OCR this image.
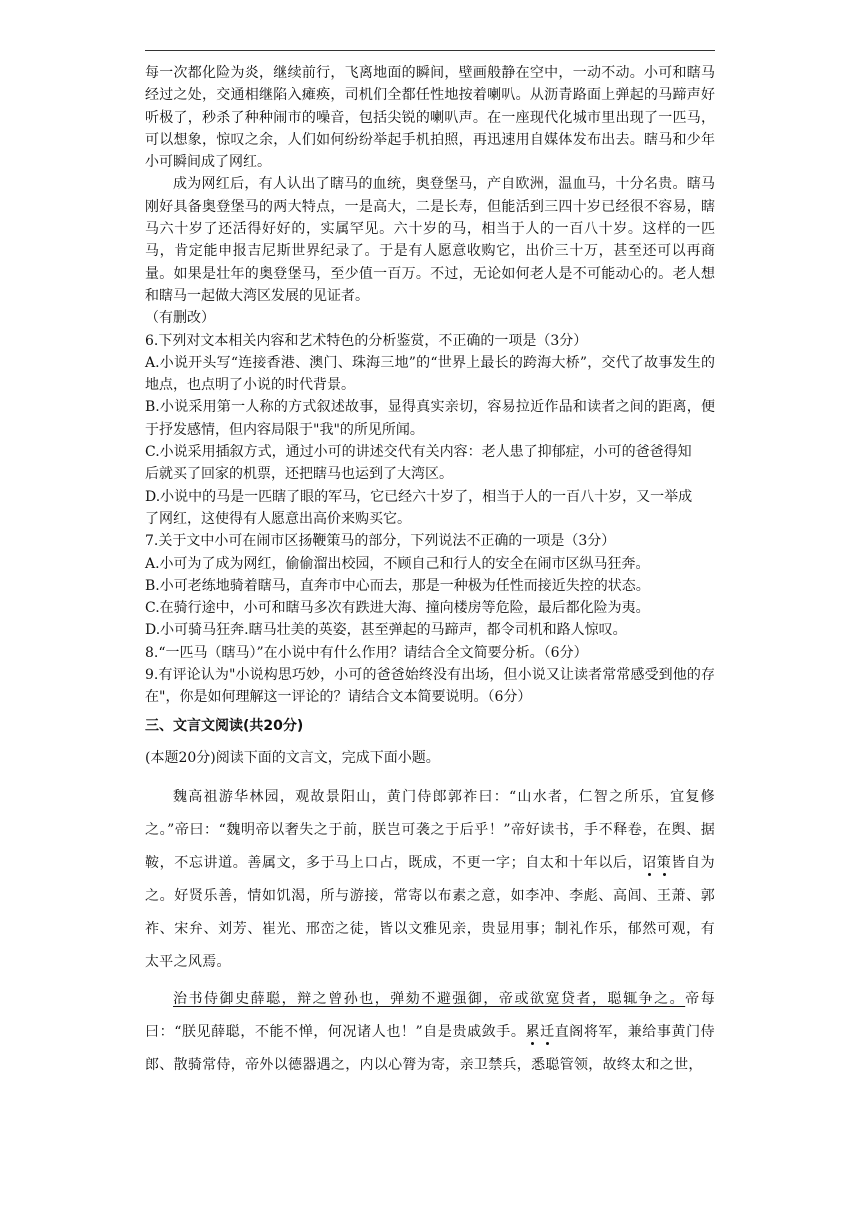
每一次都化险为炎，继续前行，飞离地面的瞬间，壁画般静在空中，一动不动。小可和瞎马经过之处，交通相继陷入瘫痪，司机们全都任性地按着喇叭。从沥青路面上弹起的马蹄声好听极了，秒杀了种种闹市的噪音，包括尖锐的喇叭声。在一座现代化城市里出现了一匹马，可以想象，惊叹之余，人们如何纷纷举起手机拍照，再迅速用自媒体发布出去。瞎马和少年小可瞬间成了网红。

成为网红后，有人认出了瞎马的血统，奥登堡马，产自欧洲，温血马，十分名贵。瞎马刚好具备奥登堡马的两大特点，一是高大，二是长寿，但能活到三四十岁已经很不容易，瞎马六十岁了还活得好好的，实属罕见。六十岁的马，相当于人的一百八十岁。这样的一匹马，肯定能申报吉尼斯世界纪录了。于是有人愿意收购它，出价三十万，甚至还可以再商量。如果是壮年的奥登堡马，至少值一百万。不过，无论如何老人是不可能动心的。老人想和瞎马一起做大湾区发展的见证者。

（有删改）

6.下列对文本相关内容和艺术特色的分析鉴赏，不正确的一项是（3分）

A.小说开头写“连接香港、澳门、珠海三地”的“世界上最长的跨海大桥”，交代了故事发生的地点，也点明了小说的时代背景。

B.小说采用第一人称的方式叙述故事，显得真实亲切，容易拉近作品和读者之间的距离，便于抒发感情，但内容局限于"我"的所见所闻。

C.小说采用插叙方式，通过小可的讲述交代有关内容：老人患了抑郁症，小可的爸爸得知

后就买了回家的机票，还把瞎马也运到了大湾区。

D.小说中的马是一匹瞎了眼的军马，它已经六十岁了，相当于人的一百八十岁，又一举成

了网红，这使得有人愿意出高价来购买它。

7.关于文中小可在闹市区扬鞭策马的部分，下列说法不正确的一项是（3分）

A.小可为了成为网红，偷偷溜出校园，不顾自己和行人的安全在闹市区纵马狂奔。

B.小可老练地骑着瞎马，直奔市中心而去，那是一种极为任性而接近失控的状态。

C.在骑行途中，小可和瞎马多次有跌进大海、撞向楼房等危险，最后都化险为夷。

D.小可骑马狂奔.瞎马壮美的英姿，甚至弹起的马蹄声，都令司机和路人惊叹。

8.“一匹马（瞎马）”在小说中有什么作用？请结合全文简要分析。（6分）

9.有评论认为"小说构思巧妙，小可的爸爸始终没有出场，但小说又让读者常常感受到他的存在"，你是如何理解这一评论的？请结合文本简要说明。（6分）

三、文言文阅读(共20分)
(本题20分)阅读下面的文言文，完成下面小题。

魏高祖游华林园，观故景阳山，黄门侍郎郭祚曰：“山水者，仁智之所乐，宜复修之。”帝曰：“魏明帝以奢失之于前，朕岂可袭之于后乎！”帝好读书，手不释卷，在舆、据鞍，不忘讲道。善属文，多于马上口占，既成，不更一字；自太和十年以后，诏策皆自为之。好贤乐善，情如饥渴，所与游接，常寄以布素之意，如李冲、李彪、高闾、王萧、郭祚、宋弁、刘芳、崔光、邢峦之徒，皆以文雅见亲，贵显用事；制礼作乐，郁然可观，有太平之风焉。

治书侍御史薛聪，辩之曾孙也，弹劾不避强御，帝或欲宽贷者，聪辄争之。帝每曰：“朕见薛聪，不能不惮，何况诸人也！”自是贵戚敛手。累迁直阁将军，兼给事黄门侍郎、散骑常侍，帝外以德器遇之，内以心膂为寄，亲卫禁兵，悉聪管领，故终太和之世，
